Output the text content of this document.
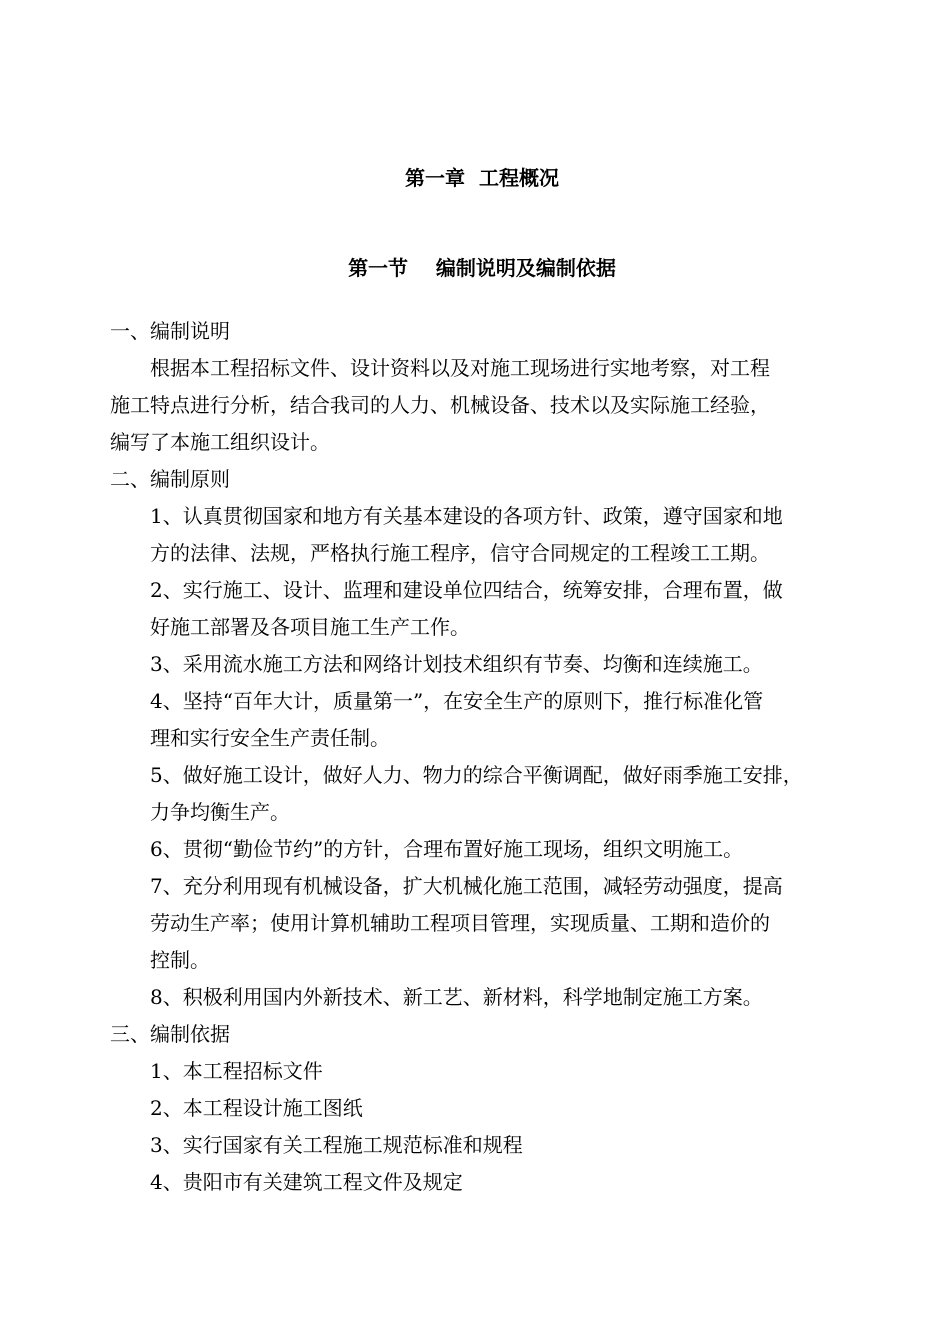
第一章  工程概况
第一节    编制说明及编制依据
一、编制说明
根据本工程招标文件、设计资料以及对施工现场进行实地考察，对工程
施工特点进行分析，结合我司的人力、机械设备、技术以及实际施工经验，
编写了本施工组织设计。
二、编制原则
1、认真贯彻国家和地方有关基本建设的各项方针、政策，遵守国家和地
方的法律、法规，严格执行施工程序，信守合同规定的工程竣工工期。
2、实行施工、设计、监理和建设单位四结合，统筹安排，合理布置，做
好施工部署及各项目施工生产工作。
3、采用流水施工方法和网络计划技术组织有节奏、均衡和连续施工。
4、坚持“百年大计，质量第一”，在安全生产的原则下，推行标准化管
理和实行安全生产责任制。
5、做好施工设计，做好人力、物力的综合平衡调配，做好雨季施工安排，
力争均衡生产。
6、贯彻“勤俭节约”的方针，合理布置好施工现场，组织文明施工。
7、充分利用现有机械设备，扩大机械化施工范围，减轻劳动强度，提高
劳动生产率；使用计算机辅助工程项目管理，实现质量、工期和造价的
控制。
8、积极利用国内外新技术、新工艺、新材料，科学地制定施工方案。
三、编制依据
1、本工程招标文件
2、本工程设计施工图纸
3、实行国家有关工程施工规范标准和规程
4、贵阳市有关建筑工程文件及规定
